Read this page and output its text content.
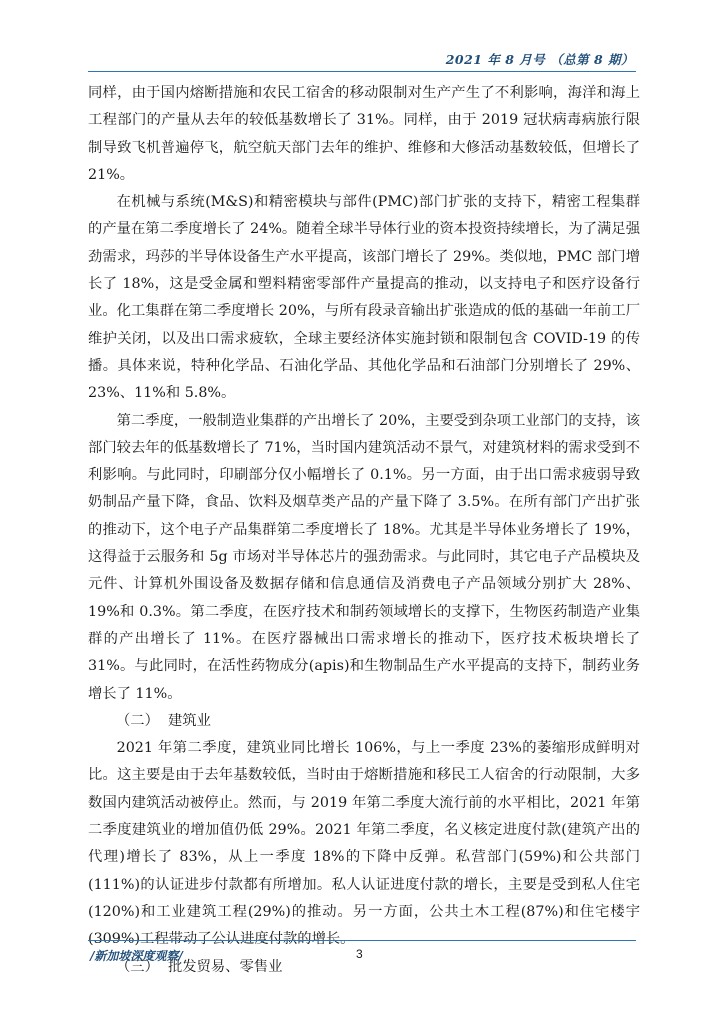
2021 年 8 月号 （总第 8 期）

同样，由于国内熔断措施和农民工宿舍的移动限制对生产产生了不利影响，海洋和海上工程部门的产量从去年的较低基数增长了 31%。同样，由于 2019 冠状病毒病旅行限制导致飞机普遍停飞，航空航天部门去年的维护、维修和大修活动基数较低，但增长了 21%。

在机械与系统(M&S)和精密模块与部件(PMC)部门扩张的支持下，精密工程集群的产量在第二季度增长了 24%。随着全球半导体行业的资本投资持续增长，为了满足强劲需求，玛莎的半导体设备生产水平提高，该部门增长了 29%。类似地，PMC 部门增长了 18%，这是受金属和塑料精密零部件产量提高的推动，以支持电子和医疗设备行业。化工集群在第二季度增长 20%，与所有段录音输出扩张造成的低的基础一年前工厂维护关闭，以及出口需求疲软，全球主要经济体实施封锁和限制包含 COVID-19 的传播。具体来说，特种化学品、石油化学品、其他化学品和石油部门分别增长了 29%、23%、11%和 5.8%。

第二季度，一般制造业集群的产出增长了 20%，主要受到杂项工业部门的支持，该部门较去年的低基数增长了 71%，当时国内建筑活动不景气，对建筑材料的需求受到不利影响。与此同时，印刷部分仅小幅增长了 0.1%。另一方面，由于出口需求疲弱导致奶制品产量下降，食品、饮料及烟草类产品的产量下降了 3.5%。在所有部门产出扩张的推动下，这个电子产品集群第二季度增长了 18%。尤其是半导体业务增长了 19%，这得益于云服务和 5g 市场对半导体芯片的强劲需求。与此同时，其它电子产品模块及元件、计算机外围设备及数据存储和信息通信及消费电子产品领域分别扩大 28%、19%和 0.3%。第二季度，在医疗技术和制药领域增长的支撑下，生物医药制造产业集群的产出增长了 11%。在医疗器械出口需求增长的推动下，医疗技术板块增长了 31%。与此同时，在活性药物成分(apis)和生物制品生产水平提高的支持下，制药业务增长了 11%。

（二） 建筑业

2021 年第二季度，建筑业同比增长 106%，与上一季度 23%的萎缩形成鲜明对比。这主要是由于去年基数较低，当时由于熔断措施和移民工人宿舍的行动限制，大多数国内建筑活动被停止。然而，与 2019 年第二季度大流行前的水平相比，2021 年第二季度建筑业的增加值仍低 29%。2021 年第二季度，名义核定进度付款(建筑产出的代理)增长了 83%，从上一季度 18%的下降中反弹。私营部门(59%)和公共部门(111%)的认证进步付款都有所增加。私人认证进度付款的增长，主要是受到私人住宅(120%)和工业建筑工程(29%)的推动。另一方面，公共土木工程(87%)和住宅楼宇(309%)工程带动了公认进度付款的增长。

（三） 批发贸易、零售业
/新加坡深度观察/	3
